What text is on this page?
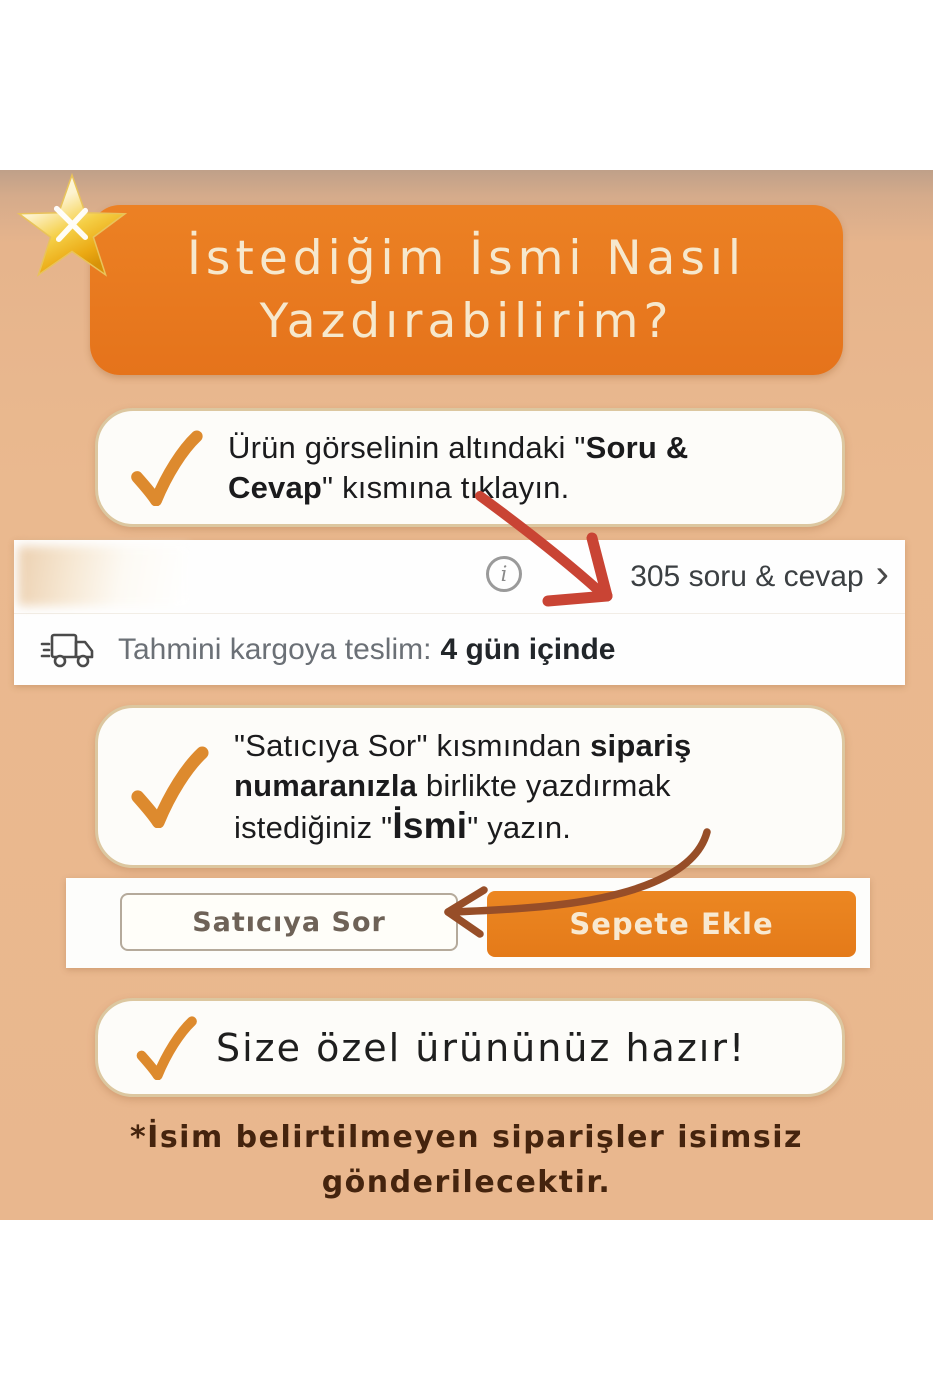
İstediğim İsmi Nasıl
Yazdırabilirim?
Ürün görselinin altındaki "Soru & Cevap" kısmına tıklayın.
i	305 soru & cevap ›
Tahmini kargoya teslim: 4 gün içinde
"Satıcıya Sor" kısmından sipariş numaranızla birlikte yazdırmak istediğiniz "İsmi" yazın.
Satıcıya Sor	Sepete Ekle
Size özel ürününüz hazır!
*İsim belirtilmeyen siparişler isimsiz
gönderilecektir.
